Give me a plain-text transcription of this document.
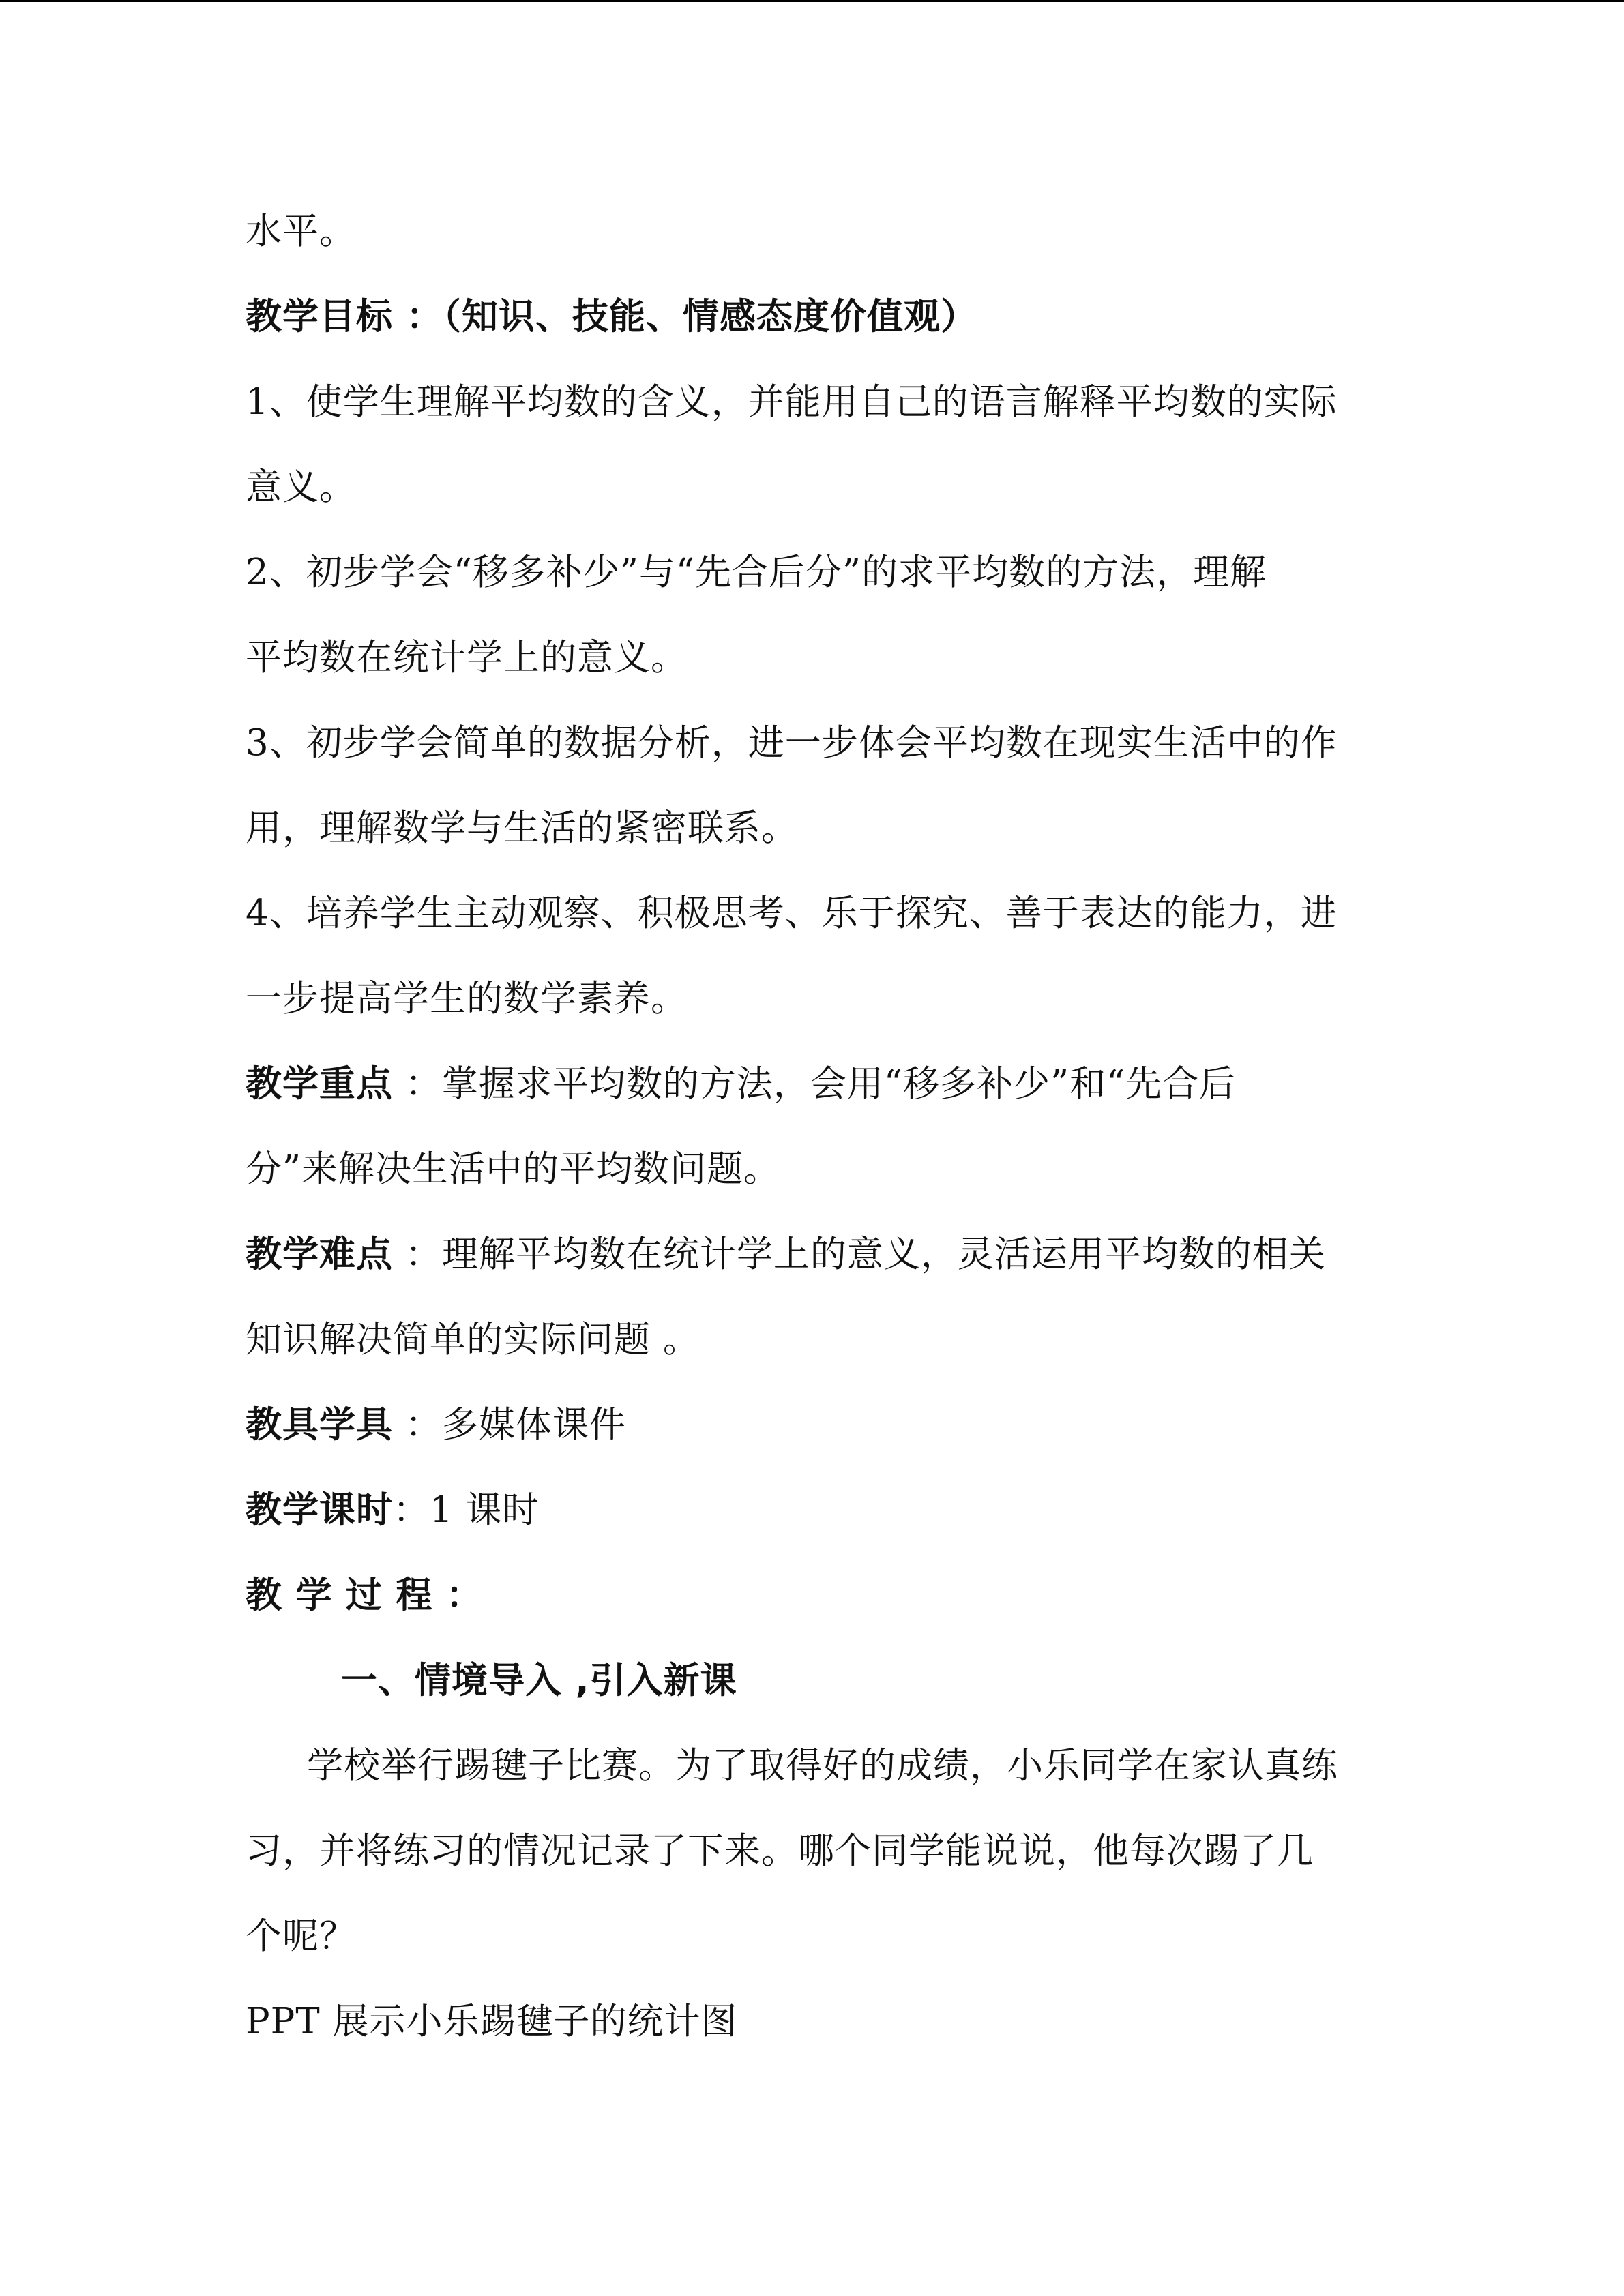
水平。
教学目标 ：（知识、技能、情感态度价值观）
1、使学生理解平均数的含义，并能用自己的语言解释平均数的实际
意义。
2、初步学会“移多补少”与“先合后分”的求平均数的方法，理解
平均数在统计学上的意义。
3、初步学会简单的数据分析，进一步体会平均数在现实生活中的作
用，理解数学与生活的紧密联系。
4、培养学生主动观察、积极思考、乐于探究、善于表达的能力，进
一步提高学生的数学素养。
教学重点 ：掌握求平均数的方法，会用“移多补少”和“先合后
分”来解决生活中的平均数问题。
教学难点 ：理解平均数在统计学上的意义，灵活运用平均数的相关
知识解决简单的实际问题 。
教具学具 ：多媒体课件
教学课时：1 课时
教 学 过 程 ：
一、情境导入 ,引入新课
学校举行踢毽子比赛。为了取得好的成绩，小乐同学在家认真练
习，并将练习的情况记录了下来。哪个同学能说说，他每次踢了几
个呢？
PPT 展示小乐踢毽子的统计图
